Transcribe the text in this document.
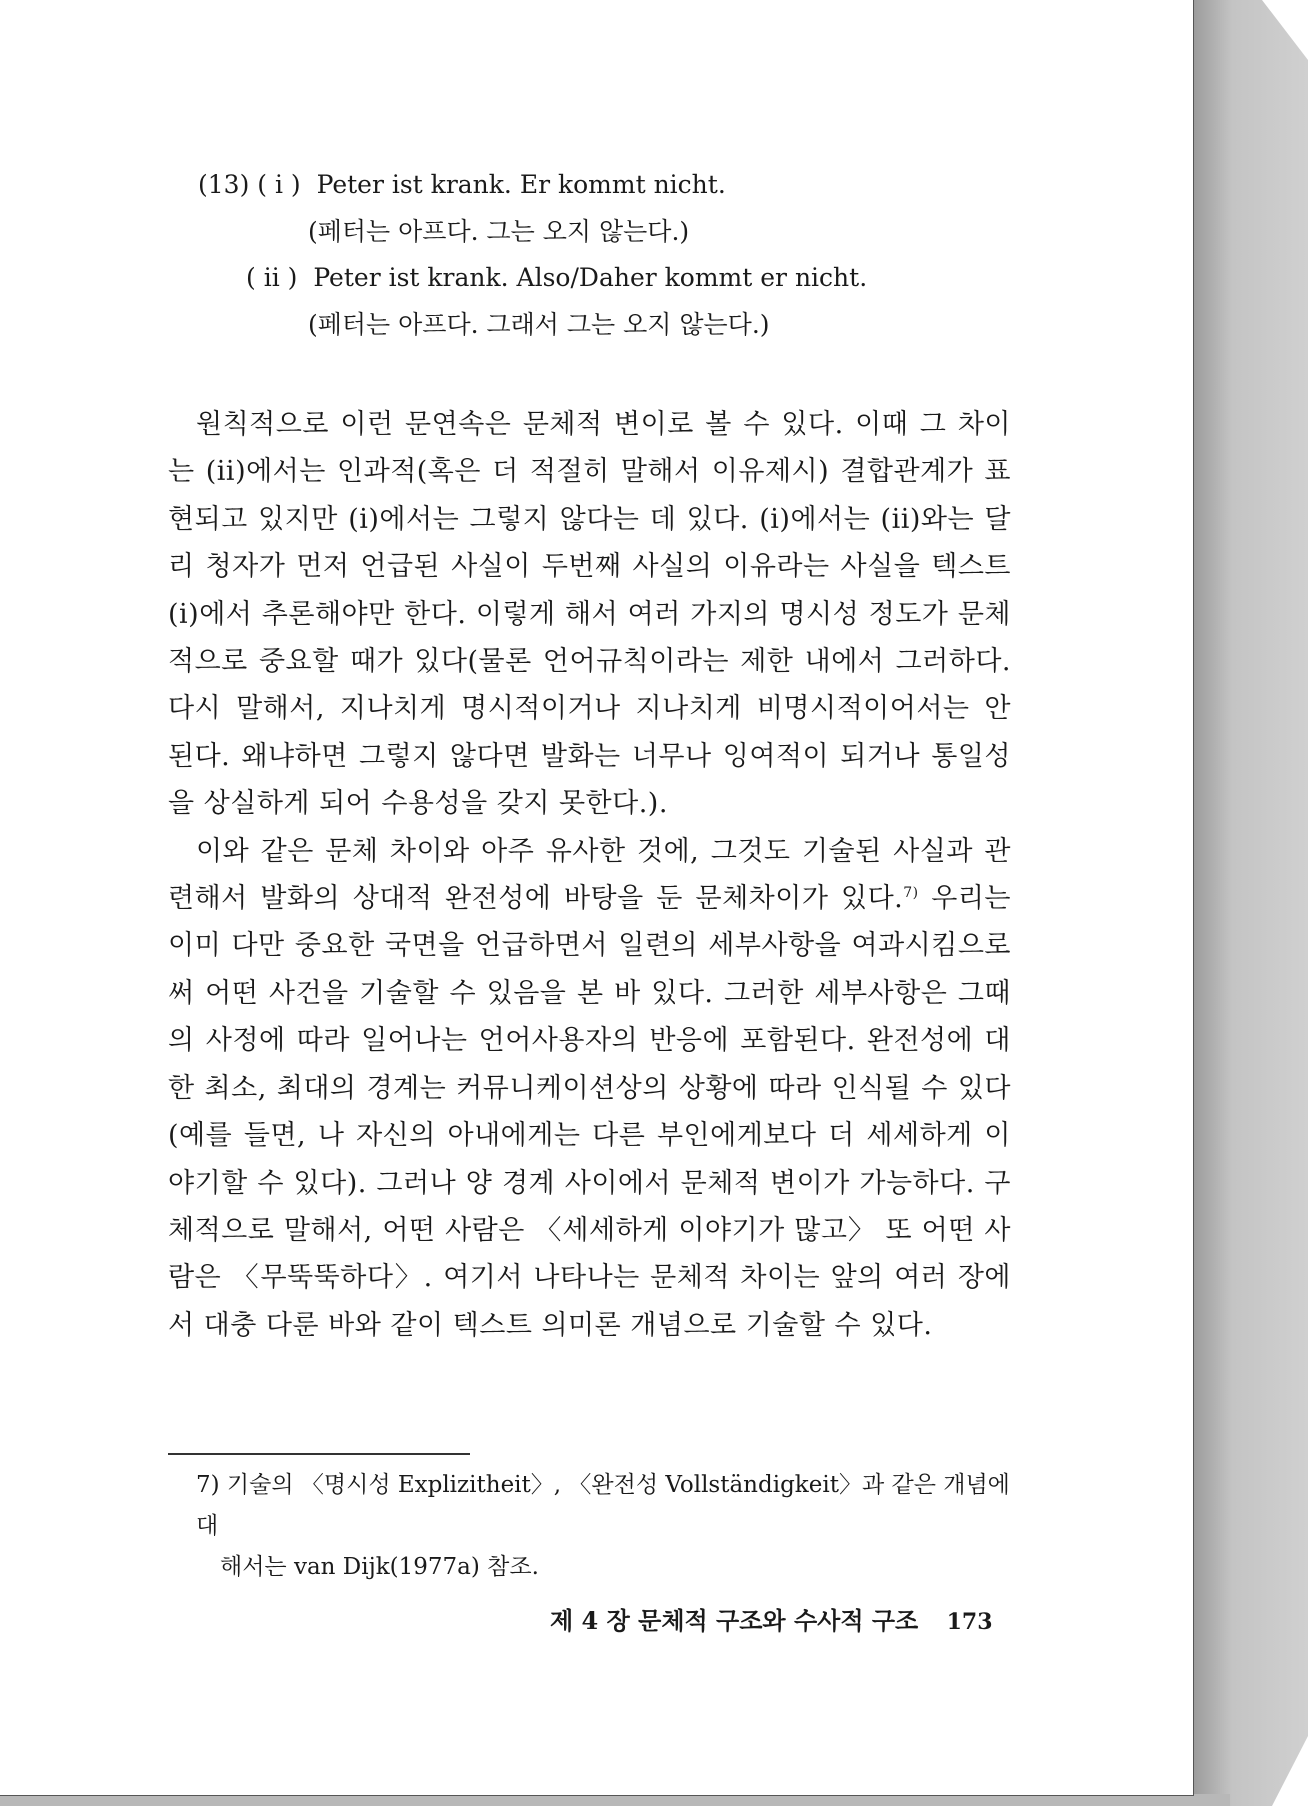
(13) ( i ) Peter ist krank. Er kommt nicht.
(페터는 아프다. 그는 오지 않는다.)
( ii ) Peter ist krank. Also/Daher kommt er nicht.
(페터는 아프다. 그래서 그는 오지 않는다.)

원칙적으로 이런 문연속은 문체적 변이로 볼 수 있다. 이때 그 차이는 (ii)에서는 인과적(혹은 더 적절히 말해서 이유제시) 결합관계가 표현되고 있지만 (i)에서는 그렇지 않다는 데 있다. (i)에서는 (ii)와는 달리 청자가 먼저 언급된 사실이 두번째 사실의 이유라는 사실을 텍스트 (i)에서 추론해야만 한다. 이렇게 해서 여러 가지의 명시성 정도가 문체적으로 중요할 때가 있다(물론 언어규칙이라는 제한 내에서 그러하다. 다시 말해서, 지나치게 명시적이거나 지나치게 비명시적이어서는 안 된다. 왜냐하면 그렇지 않다면 발화는 너무나 잉여적이 되거나 통일성을 상실하게 되어 수용성을 갖지 못한다.).

이와 같은 문체 차이와 아주 유사한 것에, 그것도 기술된 사실과 관련해서 발화의 상대적 완전성에 바탕을 둔 문체차이가 있다.$^{7)}$ 우리는 이미 다만 중요한 국면을 언급하면서 일련의 세부사항을 여과시킴으로써 어떤 사건을 기술할 수 있음을 본 바 있다. 그러한 세부사항은 그때의 사정에 따라 일어나는 언어사용자의 반응에 포함된다. 완전성에 대한 최소, 최대의 경계는 커뮤니케이션상의 상황에 따라 인식될 수 있다(예를 들면, 나 자신의 아내에게는 다른 부인에게보다 더 세세하게 이야기할 수 있다). 그러나 양 경계 사이에서 문체적 변이가 가능하다. 구체적으로 말해서, 어떤 사람은 〈세세하게 이야기가 많고〉 또 어떤 사람은 〈무뚝뚝하다〉. 여기서 나타나는 문체적 차이는 앞의 여러 장에서 대충 다룬 바와 같이 텍스트 의미론 개념으로 기술할 수 있다.

7) 기술의 〈명시성 Explizitheit〉, 〈완전성 Vollständigkeit〉과 같은 개념에 대
해서는 van Dijk(1977a) 참조.
제 4 장 문체적 구조와 수사적 구조 173
